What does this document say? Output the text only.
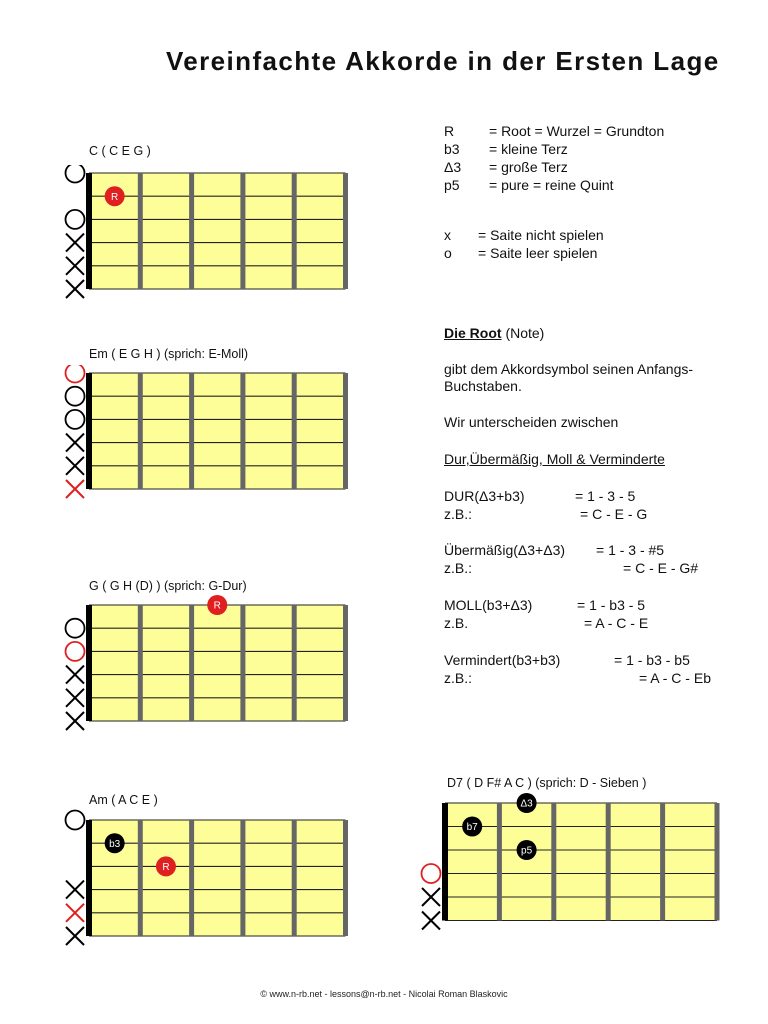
Vereinfachte Akkorde in der Ersten Lage
C ( C E G )
Em ( E G H ) (sprich: E-Moll)
G ( G H (D) ) (sprich: G-Dur)
Am ( A C E )
D7 ( D F# A C ) (sprich: D - Sieben )
R
R
b3
R
Δ3
b7
p5
R = Root = Wurzel = Grundton
b3 = kleine Terz
Δ3 = große Terz
p5 = pure = reine Quint
x = Saite nicht spielen
o = Saite leer spielen
Die Root (Note)
gibt dem Akkordsymbol seinen Anfangs-
Buchstaben.
Wir unterscheiden zwischen
Dur,Übermäßig, Moll & Verminderte
DUR(Δ3+b3)	= 1 - 3 - 5
z.B.:	= C - E - G
Übermäßig(Δ3+Δ3) = 1 - 3 - #5
z.B.:	= C - E - G#
MOLL(b3+Δ3)	= 1 - b3 - 5
z.B.	= A - C - E
Vermindert(b3+b3)	= 1 - b3 - b5
z.B.:	= A - C - Eb
© www.n-rb.net - lessons@n-rb.net - Nicolai Roman Blaskovic
